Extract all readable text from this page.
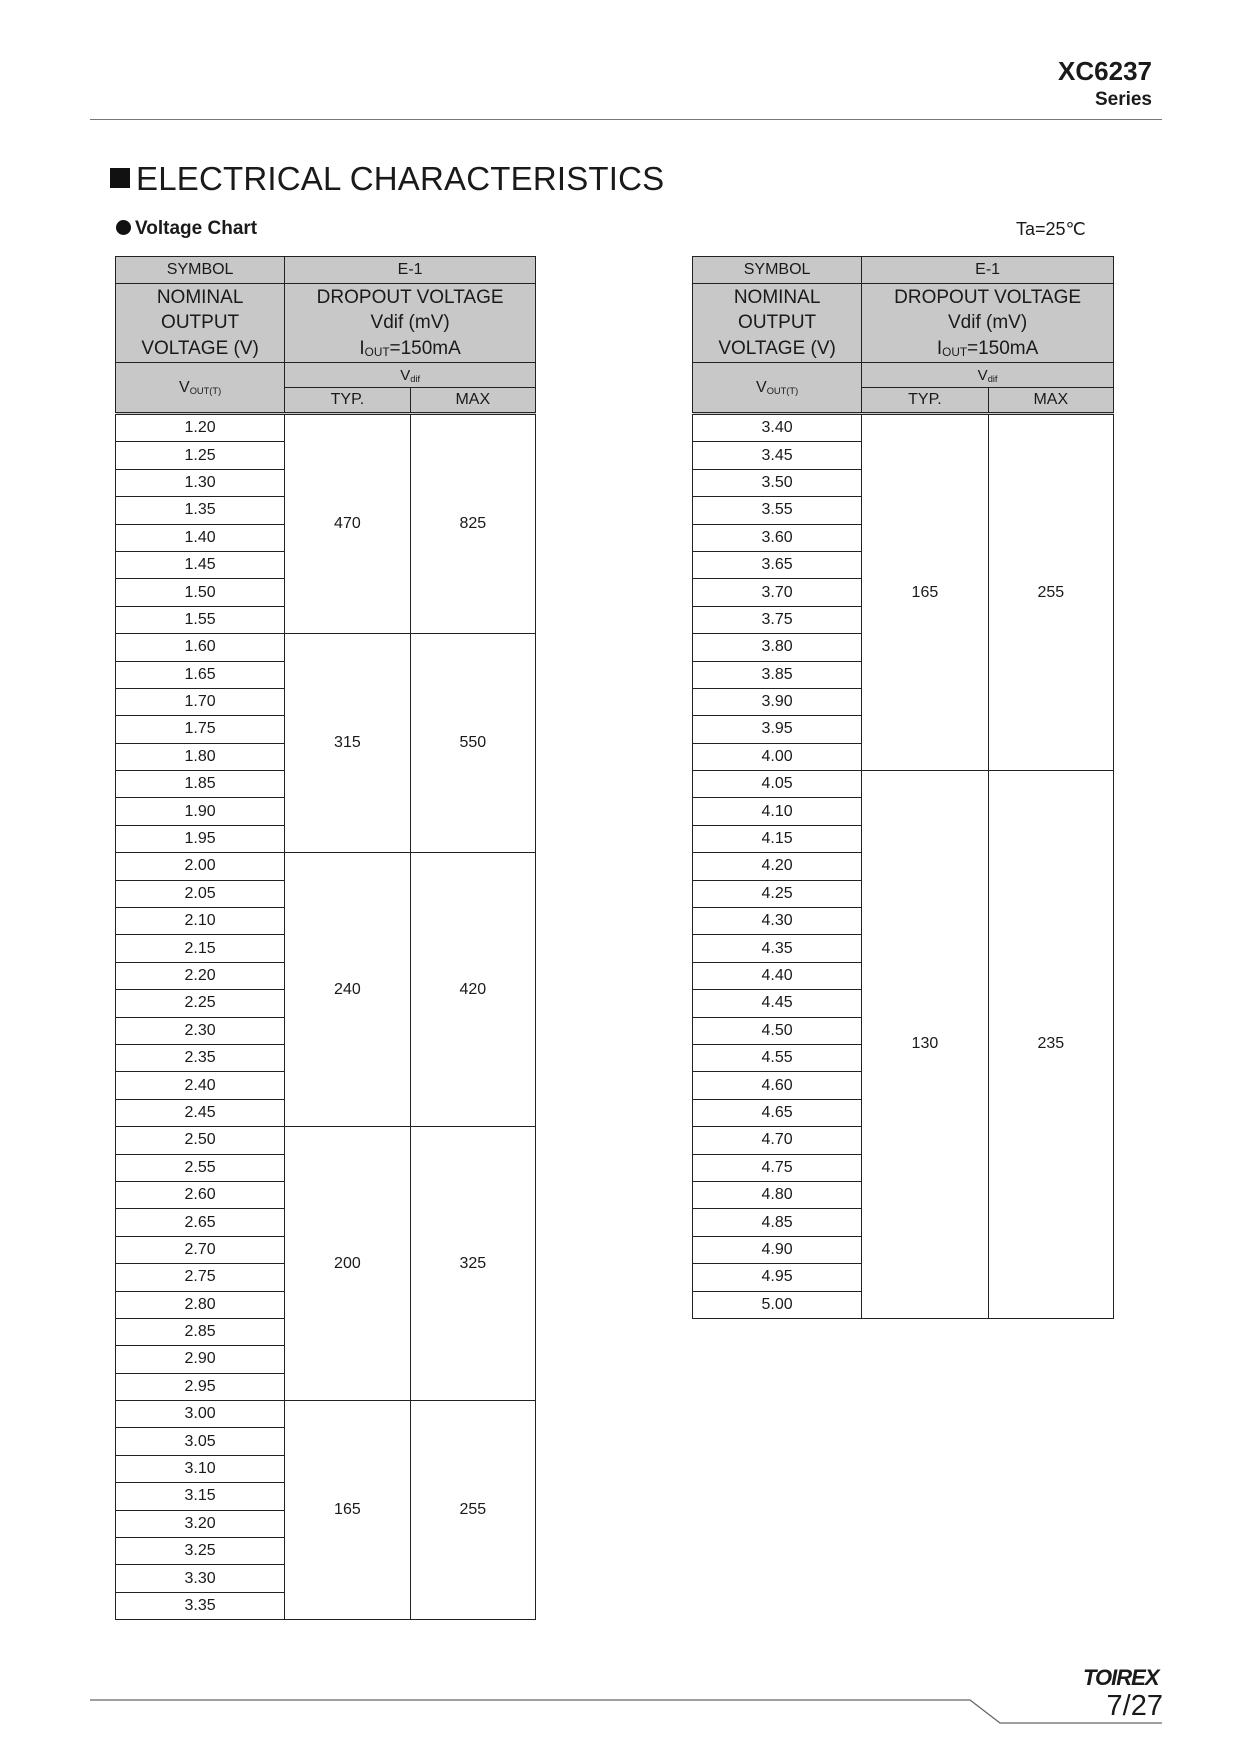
XC6237
Series
ELECTRICAL CHARACTERISTICS
Voltage Chart	Ta=25℃
SYMBOL	E-1	
NOMINAL
OUTPUT
VOLTAGE (V)	DROPOUT VOLTAGE
Vdif (mV)
$I_{OUT}=150mA$	
$V_{OUT(T)}$	$V_{dif}$
	TYP.	MAX
1.20	470	825
1.25		
1.30		
1.35		
1.40		
1.45		
1.50		
1.55		
1.60	315	550
1.65		
1.70		
1.75		
1.80		
1.85		
1.90		
1.95		
2.00	240	420
2.05		
2.10		
2.15		
2.20		
2.25		
2.30		
2.35		
2.40		
2.45		
2.50	200	325
2.55		
2.60		
2.65		
2.70		
2.75		
2.80		
2.85		
2.90		
2.95		
3.00	165	255
3.05		
3.10		
3.15		
3.20		
3.25		
3.30		
3.35		
SYMBOL	E-1	
NOMINAL
OUTPUT
VOLTAGE (V)	DROPOUT VOLTAGE
Vdif (mV)
$I_{OUT}=150mA$	
$V_{OUT(T)}$	$V_{dif}$
	TYP.	MAX
3.40	165	255
3.45		
3.50		
3.55		
3.60		
3.65		
3.70		
3.75		
3.80		
3.85		
3.90		
3.95		
4.00		
4.05	130	235
4.10		
4.15		
4.20		
4.25		
4.30		
4.35		
4.40		
4.45		
4.50		
4.55		
4.60		
4.65		
4.70		
4.75		
4.80		
4.85		
4.90		
4.95		
5.00		
TOIREX
7/27
